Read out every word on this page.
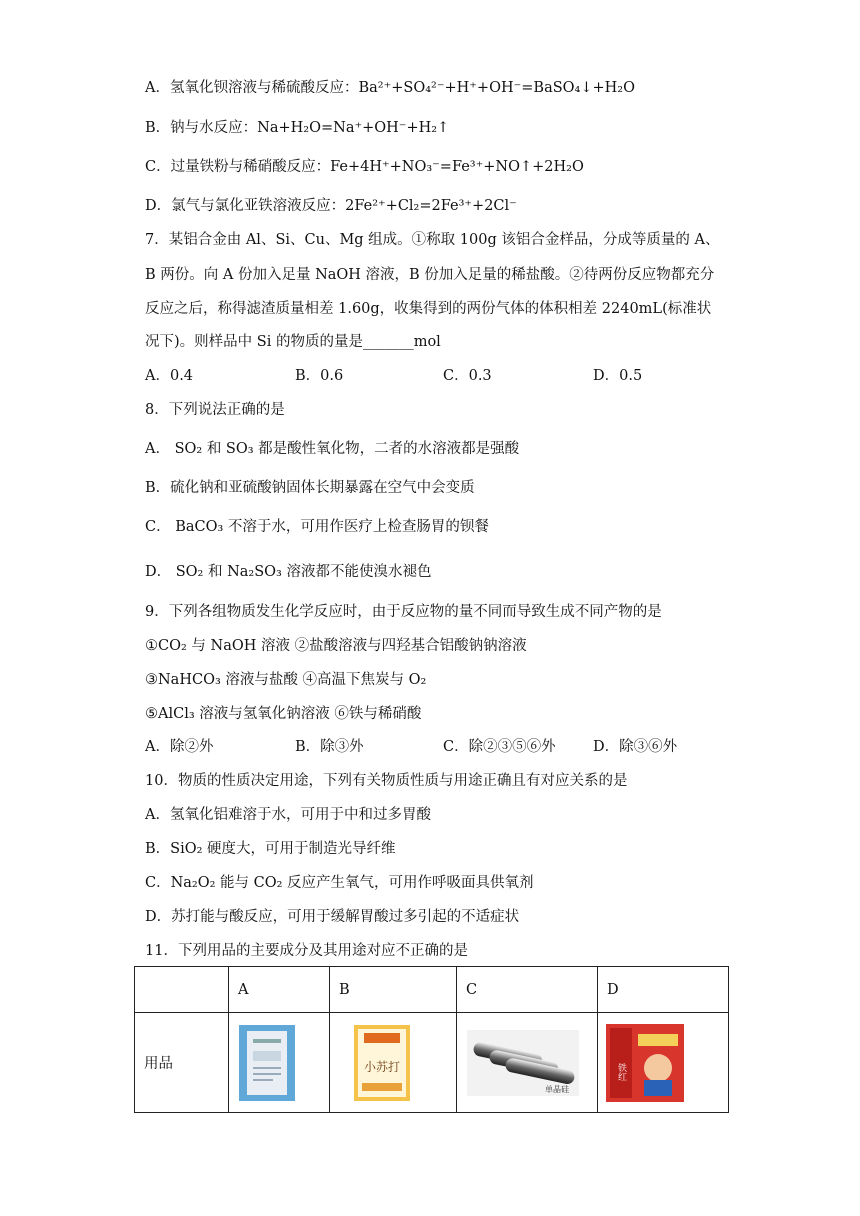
A．氢氧化钡溶液与稀硫酸反应：Ba²⁺+SO₄²⁻+H⁺+OH⁻=BaSO₄↓+H₂O
B．钠与水反应：Na+H₂O=Na⁺+OH⁻+H₂↑
C．过量铁粉与稀硝酸反应：Fe+4H⁺+NO₃⁻=Fe³⁺+NO↑+2H₂O
D．氯气与氯化亚铁溶液反应：2Fe²⁺+Cl₂=2Fe³⁺+2Cl⁻
7．某铝合金由 Al、Si、Cu、Mg 组成。①称取 100g 该铝合金样品，分成等质量的 A、
B 两份。向 A 份加入足量 NaOH 溶液，B 份加入足量的稀盐酸。②待两份反应物都充分
反应之后，称得滤渣质量相差 1.60g，收集得到的两份气体的体积相差 2240mL(标准状
况下)。则样品中 Si 的物质的量是_______mol
A．0.4	B．0.6	C．0.3	D．0.5
8．下列说法正确的是
A． SO₂ 和 SO₃ 都是酸性氧化物，二者的水溶液都是强酸
B．硫化钠和亚硫酸钠固体长期暴露在空气中会变质
C． BaCO₃ 不溶于水，可用作医疗上检查肠胃的钡餐
D． SO₂ 和 Na₂SO₃ 溶液都不能使溴水褪色
9．下列各组物质发生化学反应时，由于反应物的量不同而导致生成不同产物的是
①CO₂ 与 NaOH 溶液 ②盐酸溶液与四羟基合铝酸钠钠溶液
③NaHCO₃ 溶液与盐酸 ④高温下焦炭与 O₂
⑤AlCl₃ 溶液与氢氧化钠溶液 ⑥铁与稀硝酸
A．除②外	B．除③外	C．除②③⑤⑥外	D．除③⑥外
10．物质的性质决定用途，下列有关物质性质与用途正确且有对应关系的是
A．氢氧化铝难溶于水，可用于中和过多胃酸
B．SiO₂ 硬度大，可用于制造光导纤维
C．Na₂O₂ 能与 CO₂ 反应产生氧气，可用作呼吸面具供氧剂
D．苏打能与酸反应，可用于缓解胃酸过多引起的不适症状
11．下列用品的主要成分及其用途对应不正确的是
	A	B	C	D
用品		小苏打	单晶硅	铁红
